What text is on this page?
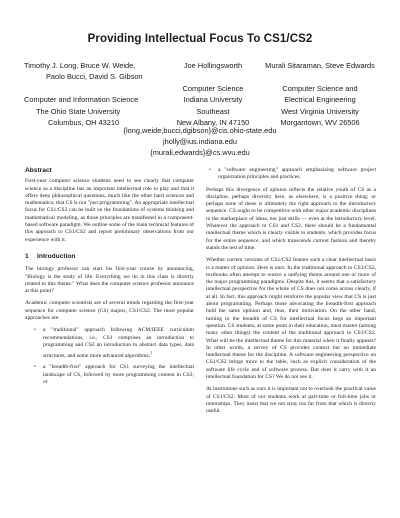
Providing Intellectual Focus To CS1/CS2
Timothy J. Long, Bruce W. Weide,
Paolo Bucci, David S. Gibson

Computer and Information Science
The Ohio State University
Columbus, OH 43210
Joe Hollingsworth

Computer Science
Indiana University
Southeast
New Albany, IN 47150
Murali Sitaraman, Steve Edwards

Computer Science and
Electrical Engineering
West Virginia University
Morgantown, WV 26506
{long,weide,bucci,dgibson}@cis.ohio-state.edu
jholly@ius.indiana.edu
{murali,edwards}@cs.wvu.edu
Abstract

First-year computer science students need to see clearly that computer science as a discipline has an important intellectual role to play and that it offers deep philosophical questions, much like the other hard sciences and mathematics; that CS is not "just programming". An appropriate intellectual focus for CS1/CS2 can be built on the foundations of systems thinking and mathematical modeling, as those principles are manifested in a component-based software paradigm. We outline some of the main technical features of this approach to CS1/CS2 and report preliminary observations from our experience with it.

1 Introduction

The biology professor can start his first-year course by announcing, "Biology is the study of life. Everything we do in this class is directly related to this theme." What does the computer science professor announce at this point?

Academic computer scientists are of several minds regarding the first-year sequence for computer science (CS) majors, CS1/CS2. The most popular approaches are:

• a "traditional" approach following ACM/IEEE curriculum recommendations, i.e., CS1 comprises an introduction to programming and CS2 an introduction to abstract data types, data structures, and some more advanced algorithms;$^1$
• a "breadth-first" approach for CS1 surveying the intellectual landscape of CS, followed by more programming content in CS2; or
• a "software engineering" approach emphasizing software project organization principles and practices.

Perhaps this divergence of opinion reflects the relative youth of CS as a discipline, perhaps diversity here, as elsewhere, is a positive thing; or perhaps none of these is ultimately the right approach to the introductory sequence. CS ought to be competitive with other major academic disciplines in the marketplace of ideas, not just skills — even at the introductory level. Whatever the approach to CS1 and CS2, there should be a fundamental intellectual theme which is clearly visible to students, which provides focus for the entire sequence, and which transcends current fashion and thereby stands the test of time.

Whether current versions of CS1/CS2 feature such a clear intellectual basis is a matter of opinion. Here is ours. In the traditional approach to CS1/CS2, textbooks often attempt to weave a unifying theme around one or more of the major programming paradigms. Despite this, it seems that a satisfactory intellectual perspective for the whole of CS does not come across clearly, if at all. In fact, this approach might reinforce the popular view that CS is just about programming. Perhaps those advocating the breadth-first approach hold the same opinion and, thus, their motivation. On the other hand, turning to the breadth of CS for intellectual focus begs an important question. CS students, at some point in their education, must master (among many other things) the content of the traditional approach to CS1/CS2. What will be the intellectual theme for this material when it finally appears? In other words, a survey of CS provides context but no immediate intellectual theme for the discipline. A software engineering perspective on CS1/CS2 brings more to the table, such as explicit consideration of the software life cycle and of software process. But does it carry with it an intellectual foundation for CS? We do not see it.

At institutions such as ours it is important not to overlook the practical value of CS1/CS2. Most of our students work at part-time or full-time jobs or internships. They insist that we not stray too far from that which is directly useful.
